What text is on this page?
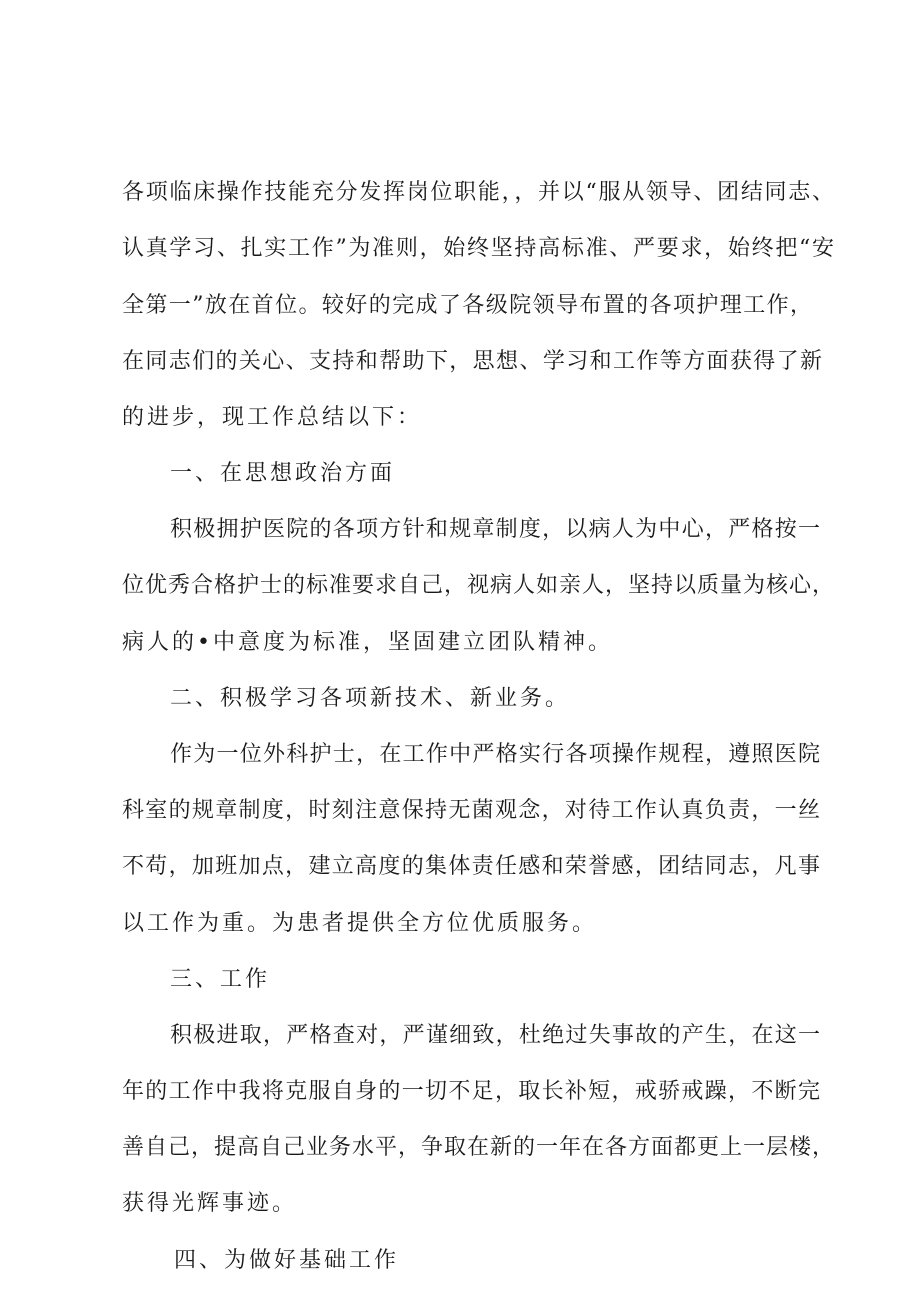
各项临床操作技能充分发挥岗位职能，，并以“服从领导、团结同志、
认真学习、扎实工作”为准则，始终坚持高标准、严要求，始终把“安
全第一”放在首位。较好的完成了各级院领导布置的各项护理工作，
在同志们的关心、支持和帮助下，思想、学习和工作等方面获得了新
的进步，现工作总结以下：
一、在思想政治方面
积极拥护医院的各项方针和规章制度，以病人为中心，严格按一
位优秀合格护士的标准要求自己，视病人如亲人，坚持以质量为核心，
病人的•中意度为标准，坚固建立团队精神。
二、积极学习各项新技术、新业务。
作为一位外科护士，在工作中严格实行各项操作规程，遵照医院
科室的规章制度，时刻注意保持无菌观念，对待工作认真负责，一丝
不苟，加班加点，建立高度的集体责任感和荣誉感，团结同志，凡事
以工作为重。为患者提供全方位优质服务。
三、工作
积极进取，严格查对，严谨细致，杜绝过失事故的产生，在这一
年的工作中我将克服自身的一切不足，取长补短，戒骄戒躁，不断完
善自己，提高自己业务水平，争取在新的一年在各方面都更上一层楼，
获得光辉事迹。
四、为做好基础工作
